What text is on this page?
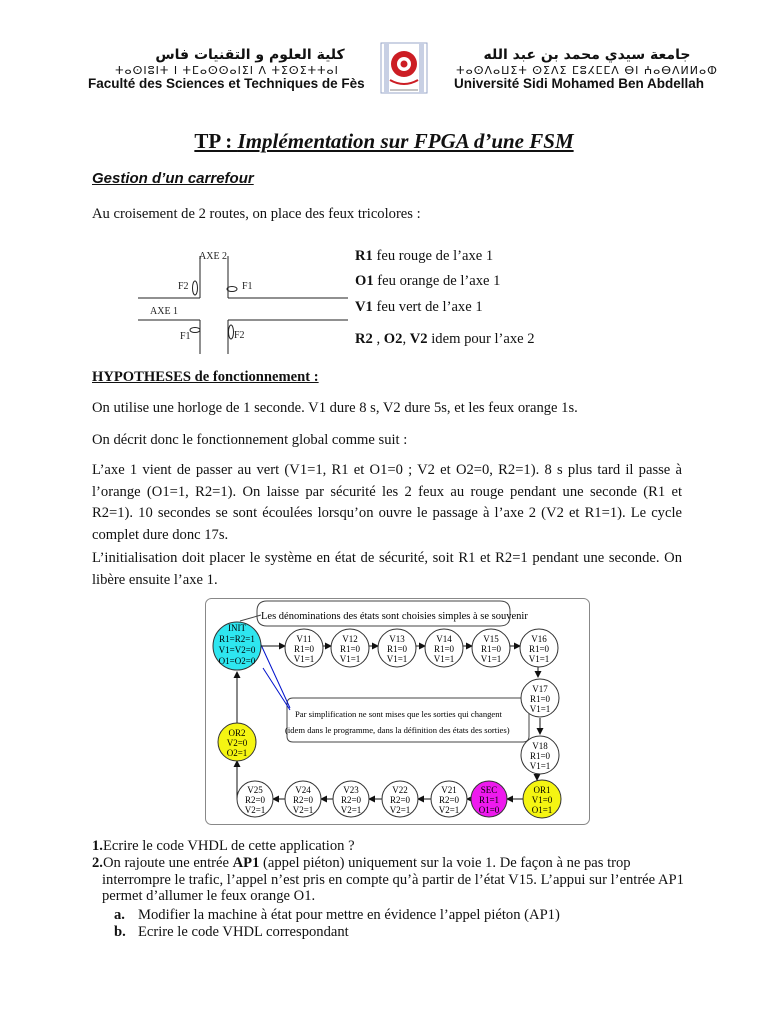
كلية العلوم و التقنيات فاس
ⵜⴰⵙⵏⵓⵏⵜ ⵏ ⵜⵎⴰⵙⵙⴰⵏⵉⵏ ⴷ ⵜⵉⵙⵉⵜⵜⴰⵏ
Faculté des Sciences et Techniques de Fès
جامعة سيدي محمد بن عبد الله
ⵜⴰⵙⴷⴰⵡⵉⵜ ⵙⵉⴷⵉ ⵎⵓⵃⵎⵎⴷ ⴱⵏ ⵄⴰⴱⴷⵍⵍⴰⵀ
Université Sidi Mohamed Ben Abdellah
TP : Implémentation sur FPGA d’une FSM
Gestion d’un carrefour
Au croisement de 2 routes, on place des feux tricolores :
AXE 2
F2	F1
AXE 1
F1	F2
R1 feu rouge de l’axe 1
O1 feu orange de l’axe 1
V1 feu vert de l’axe 1
R2 , O2, V2 idem pour l’axe 2
HYPOTHESES de fonctionnement :
On utilise une horloge de 1 seconde. V1 dure 8 s, V2 dure 5s, et les feux orange 1s.
On décrit donc le fonctionnement global comme suit :
L’axe 1 vient de passer au vert (V1=1, R1 et O1=0 ; V2 et O2=0, R2=1). 8 s plus tard il passe à l’orange (O1=1, R2=1). On laisse par sécurité les 2 feux au rouge pendant une seconde (R1 et R2=1). 10 secondes se sont écoulées lorsqu’on ouvre le passage à l’axe 2 (V2 et R1=1). Le cycle complet dure donc 17s.
L’initialisation doit placer le système en état de sécurité, soit R1 et R2=1 pendant une seconde. On libère ensuite l’axe 1.
Les dénominations des états sont choisies simples à se souvenir
Par simplification ne sont mises que les sorties qui changent
(idem dans le programme, dans la définition des états des sorties)
INIT
R1=R2=1
V1=V2=0
O1=O2=0
V11
R1=0
V1=1
V12
R1=0
V1=1
V13
R1=0
V1=1
V14
R1=0
V1=1
V15
R1=0
V1=1
V16
R1=0
V1=1
V17
R1=0
V1=1
V18
R1=0
V1=1
OR1
V1=0
O1=1
SEC
R1=1
O1=0
V21
R2=0
V2=1
V22
R2=0
V2=1
V23
R2=0
V2=1
V24
R2=0
V2=1
V25
R2=0
V2=1
OR2
V2=0
O2=1
1.Ecrire le code VHDL de cette application ?
2.On rajoute une entrée AP1 (appel piéton) uniquement sur la voie 1. De façon à ne pas trop interrompre le trafic, l’appel n’est pris en compte qu’à partir de l’état V15. L’appui sur l’entrée AP1 permet d’allumer le feux orange O1.
a. Modifier la machine à état pour mettre en évidence l’appel piéton (AP1)
b. Ecrire le code VHDL correspondant
